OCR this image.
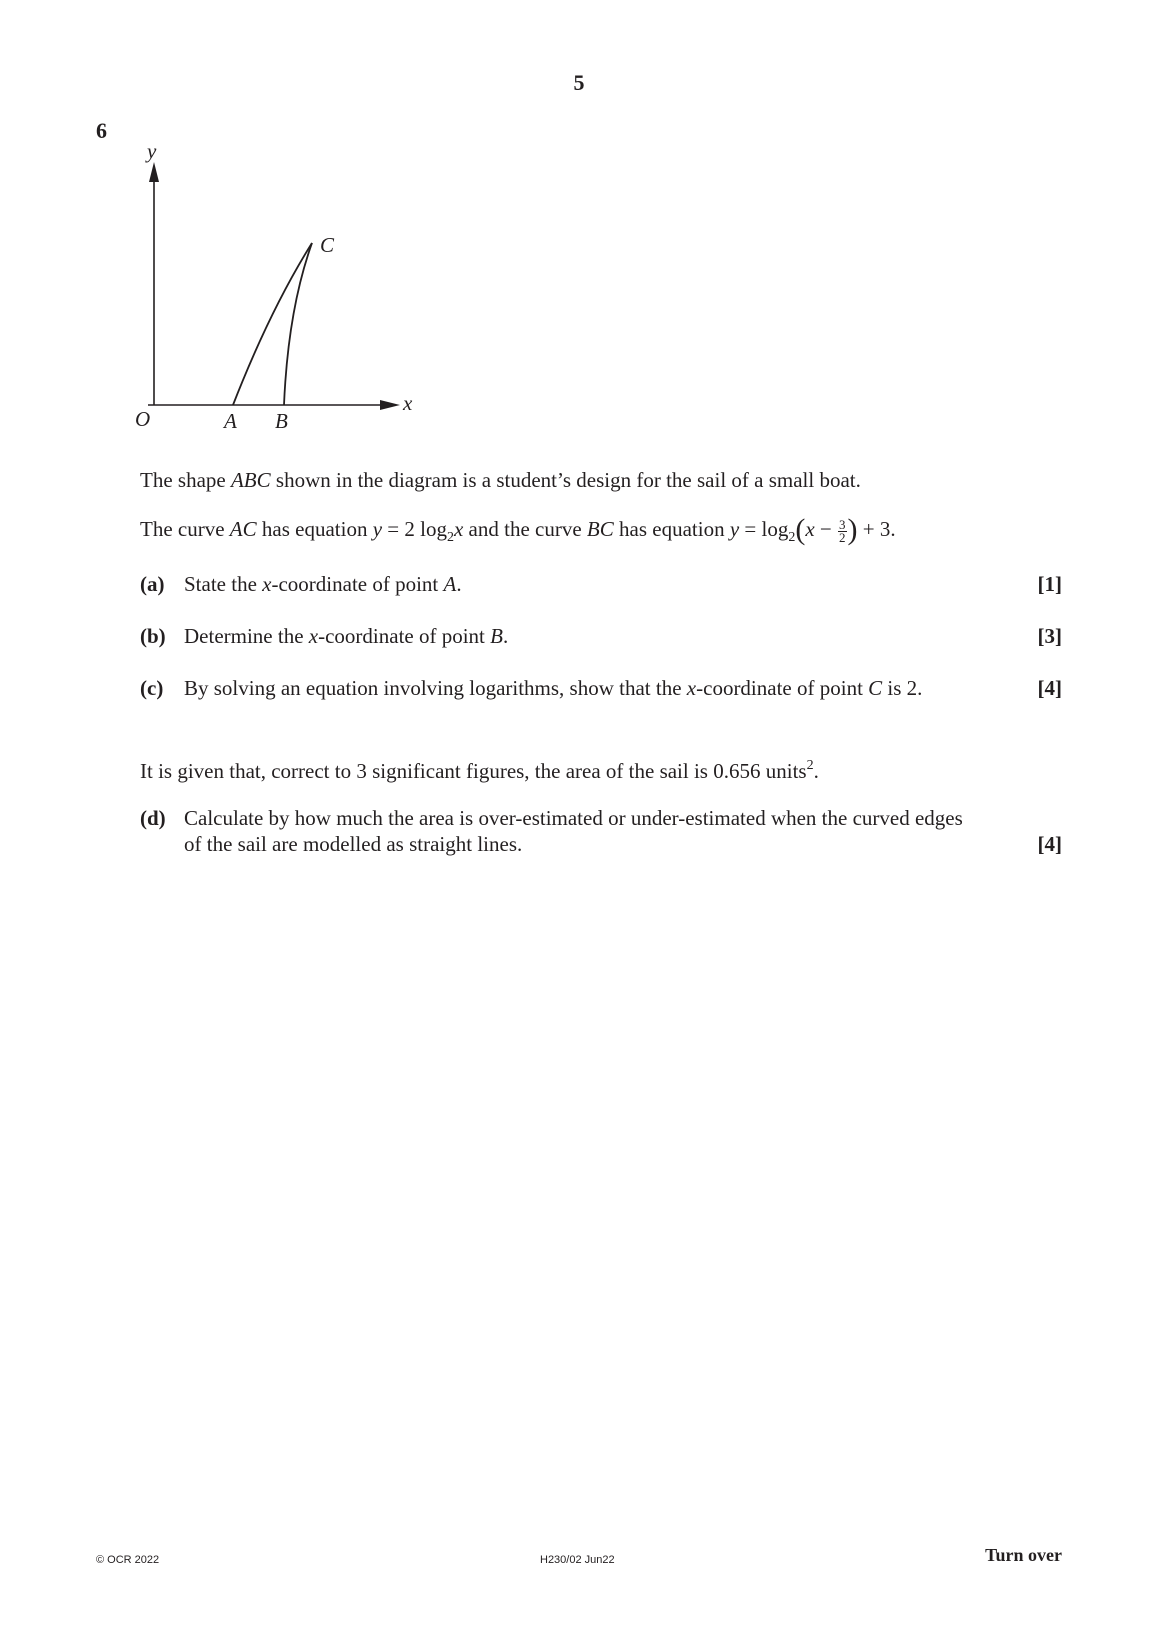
5
6
y
x
O	A B
C
The shape ABC shown in the diagram is a student’s design for the sail of a small boat.
The curve AC has equation y = 2 $\log_2x$ and the curve BC has equation $y = \log_2(x - \frac{3}{2}$ ) + 3.
(a) State the x-coordinate of point A.	[1]
(b) Determine the x-coordinate of point B.	[3]
(c) By solving an equation involving logarithms, show that the x-coordinate of point C is 2.	[4]
It is given that, correct to 3 significant figures, the area of the sail is 0.656 units$^2$.
(d) Calculate by how much the area is over-estimated or under-estimated when the curved edges
of the sail are modelled as straight lines.	[4]
© OCR 2022	H230/02 Jun22	Turn over
